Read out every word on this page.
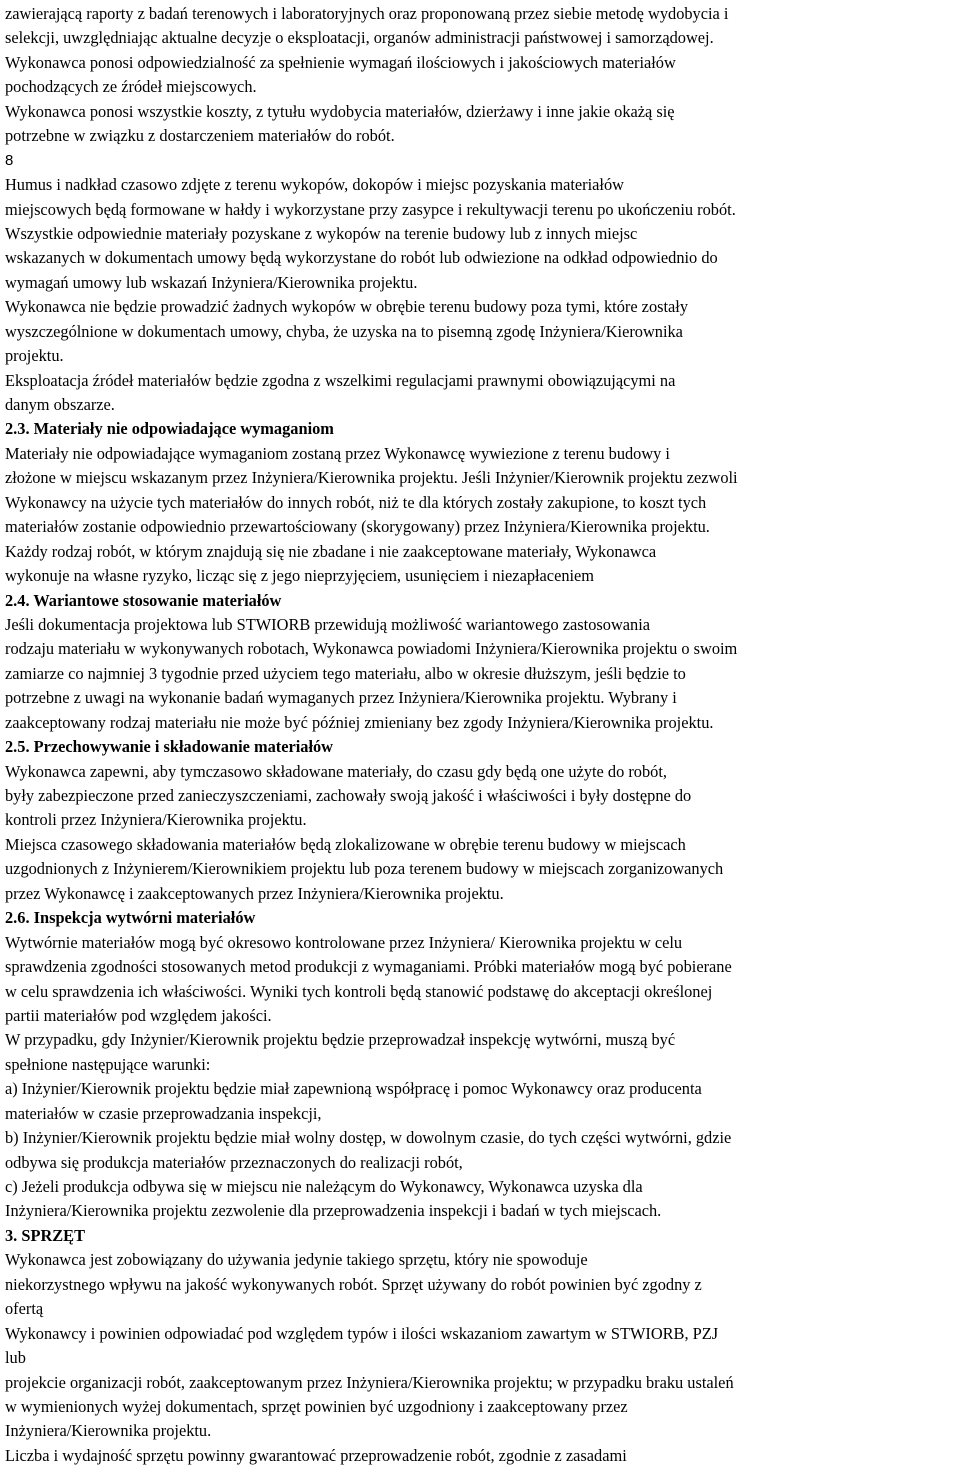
zawierającą raporty z badań terenowych i laboratoryjnych oraz proponowaną przez siebie metodę wydobycia i
selekcji, uwzględniając aktualne decyzje o eksploatacji, organów administracji państwowej i samorządowej.
Wykonawca ponosi odpowiedzialność za spełnienie wymagań ilościowych i jakościowych materiałów
pochodzących ze źródeł miejscowych.
Wykonawca ponosi wszystkie koszty, z tytułu wydobycia materiałów, dzierżawy i inne jakie okażą się
potrzebne w związku z dostarczeniem materiałów do robót.
8
Humus i nadkład czasowo zdjęte z terenu wykopów, dokopów i miejsc pozyskania materiałów
miejscowych będą formowane w hałdy i wykorzystane przy zasypce i rekultywacji terenu po ukończeniu robót.
Wszystkie odpowiednie materiały pozyskane z wykopów na terenie budowy lub z innych miejsc
wskazanych w dokumentach umowy będą wykorzystane do robót lub odwiezione na odkład odpowiednio do
wymagań umowy lub wskazań Inżyniera/Kierownika projektu.
Wykonawca nie będzie prowadzić żadnych wykopów w obrębie terenu budowy poza tymi, które zostały
wyszczególnione w dokumentach umowy, chyba, że uzyska na to pisemną zgodę Inżyniera/Kierownika
projektu.
Eksploatacja źródeł materiałów będzie zgodna z wszelkimi regulacjami prawnymi obowiązującymi na
danym obszarze.
2.3. Materiały nie odpowiadające wymaganiom
Materiały nie odpowiadające wymaganiom zostaną przez Wykonawcę wywiezione z terenu budowy i
złożone w miejscu wskazanym przez Inżyniera/Kierownika projektu. Jeśli Inżynier/Kierownik projektu zezwoli
Wykonawcy na użycie tych materiałów do innych robót, niż te dla których zostały zakupione, to koszt tych
materiałów zostanie odpowiednio przewartościowany (skorygowany) przez Inżyniera/Kierownika projektu.
Każdy rodzaj robót, w którym znajdują się nie zbadane i nie zaakceptowane materiały, Wykonawca
wykonuje na własne ryzyko, licząc się z jego nieprzyjęciem, usunięciem i niezapłaceniem
2.4. Wariantowe stosowanie materiałów
Jeśli dokumentacja projektowa lub STWIORB przewidują możliwość wariantowego zastosowania
rodzaju materiału w wykonywanych robotach, Wykonawca powiadomi Inżyniera/Kierownika projektu o swoim
zamiarze co najmniej 3 tygodnie przed użyciem tego materiału, albo w okresie dłuższym, jeśli będzie to
potrzebne z uwagi na wykonanie badań wymaganych przez Inżyniera/Kierownika projektu. Wybrany i
zaakceptowany rodzaj materiału nie może być później zmieniany bez zgody Inżyniera/Kierownika projektu.
2.5. Przechowywanie i składowanie materiałów
Wykonawca zapewni, aby tymczasowo składowane materiały, do czasu gdy będą one użyte do robót,
były zabezpieczone przed zanieczyszczeniami, zachowały swoją jakość i właściwości i były dostępne do
kontroli przez Inżyniera/Kierownika projektu.
Miejsca czasowego składowania materiałów będą zlokalizowane w obrębie terenu budowy w miejscach
uzgodnionych z Inżynierem/Kierownikiem projektu lub poza terenem budowy w miejscach zorganizowanych
przez Wykonawcę i zaakceptowanych przez Inżyniera/Kierownika projektu.
2.6. Inspekcja wytwórni materiałów
Wytwórnie materiałów mogą być okresowo kontrolowane przez Inżyniera/ Kierownika projektu w celu
sprawdzenia zgodności stosowanych metod produkcji z wymaganiami. Próbki materiałów mogą być pobierane
w celu sprawdzenia ich właściwości. Wyniki tych kontroli będą stanowić podstawę do akceptacji określonej
partii materiałów pod względem jakości.
W przypadku, gdy Inżynier/Kierownik projektu będzie przeprowadzał inspekcję wytwórni, muszą być
spełnione następujące warunki:
a) Inżynier/Kierownik projektu będzie miał zapewnioną współpracę i pomoc Wykonawcy oraz producenta
materiałów w czasie przeprowadzania inspekcji,
b) Inżynier/Kierownik projektu będzie miał wolny dostęp, w dowolnym czasie, do tych części wytwórni, gdzie
odbywa się produkcja materiałów przeznaczonych do realizacji robót,
c) Jeżeli produkcja odbywa się w miejscu nie należącym do Wykonawcy, Wykonawca uzyska dla
Inżyniera/Kierownika projektu zezwolenie dla przeprowadzenia inspekcji i badań w tych miejscach.
3. SPRZĘT
Wykonawca jest zobowiązany do używania jedynie takiego sprzętu, który nie spowoduje
niekorzystnego wpływu na jakość wykonywanych robót. Sprzęt używany do robót powinien być zgodny z
ofertą
Wykonawcy i powinien odpowiadać pod względem typów i ilości wskazaniom zawartym w STWIORB, PZJ
lub
projekcie organizacji robót, zaakceptowanym przez Inżyniera/Kierownika projektu; w przypadku braku ustaleń
w wymienionych wyżej dokumentach, sprzęt powinien być uzgodniony i zaakceptowany przez
Inżyniera/Kierownika projektu.
Liczba i wydajność sprzętu powinny gwarantować przeprowadzenie robót, zgodnie z zasadami
